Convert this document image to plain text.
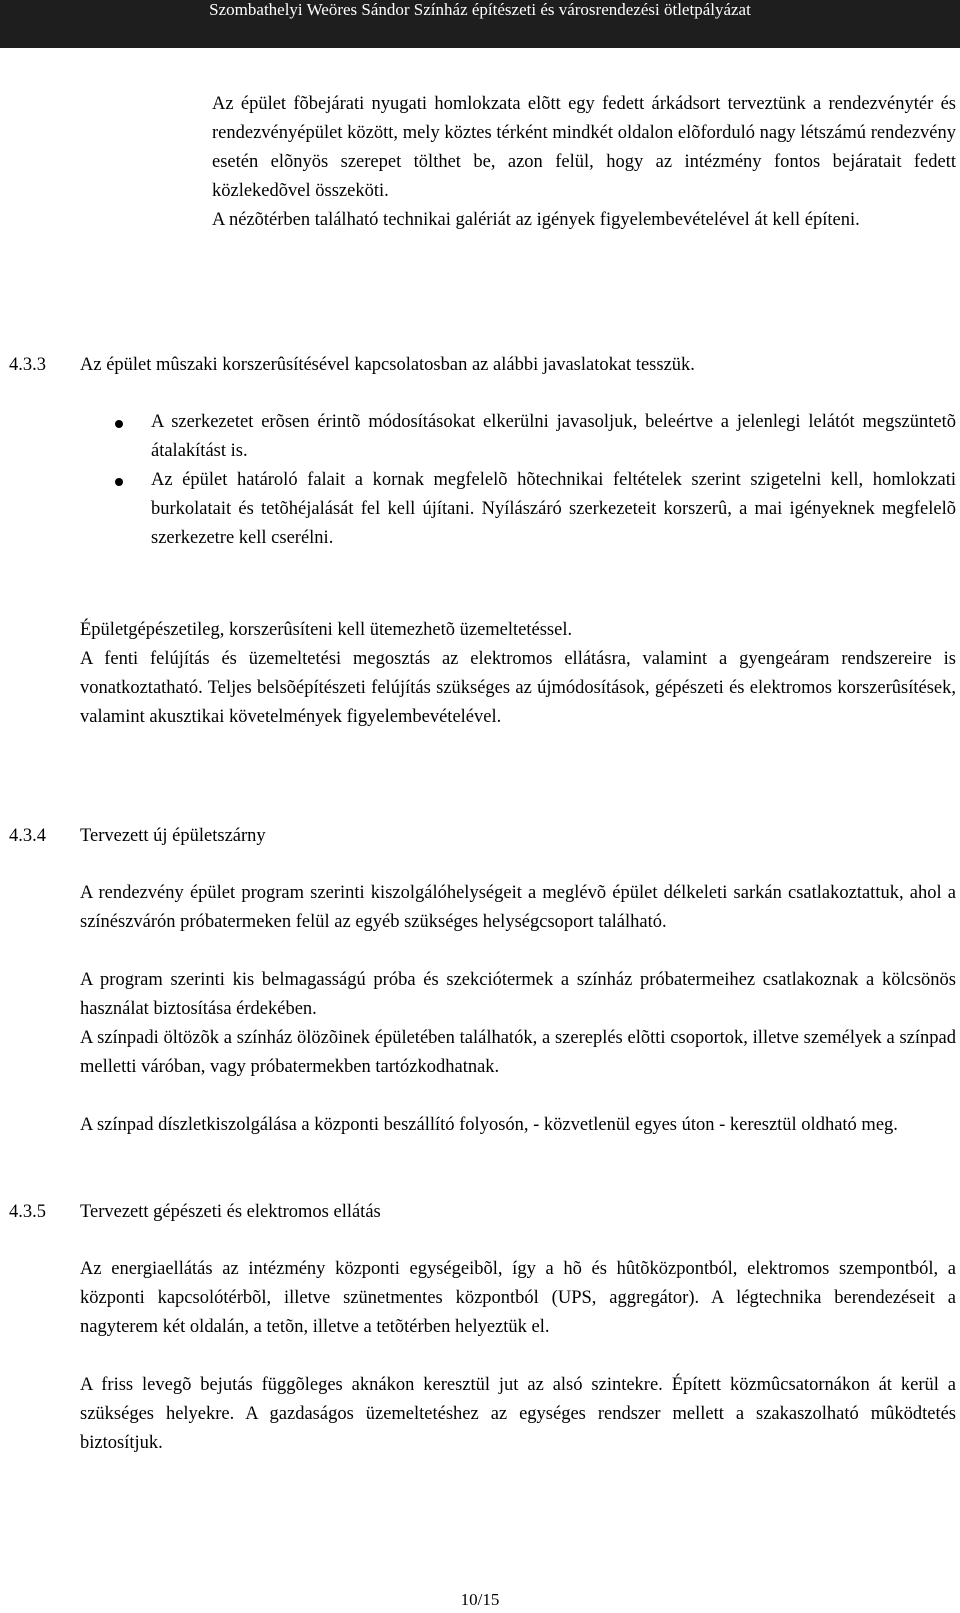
Szombathelyi Weöres Sándor Színház építészeti és városrendezési ötletpályázat

Az épület fõbejárati nyugati homlokzata elõtt egy fedett árkádsort terveztünk a rendezvénytér és rendezvényépület között, mely köztes térként mindkét oldalon elõforduló nagy létszámú rendezvény esetén elõnyös szerepet tölthet be, azon felül, hogy az intézmény fontos bejáratait fedett közlekedõvel összeköti.

A nézõtérben található technikai galériát az igények figyelembevételével át kell építeni.

4.3.3 Az épület mûszaki korszerûsítésével kapcsolatosban az alábbi javaslatokat tesszük.
A szerkezetet erõsen érintõ módosításokat elkerülni javasoljuk, beleértve a jelenlegi lelátót megszüntetõ átalakítást is.
Az épület határoló falait a kornak megfelelõ hõtechnikai feltételek szerint szigetelni kell, homlokzati burkolatait és tetõhéjalását fel kell újítani. Nyílászáró szerkezeteit korszerû, a mai igényeknek megfelelõ szerkezetre kell cserélni.

Épületgépészetileg, korszerûsíteni kell ütemezhetõ üzemeltetéssel.

A fenti felújítás és üzemeltetési megosztás az elektromos ellátásra, valamint a gyengeáram rendszereire is vonatkoztatható. Teljes belsõépítészeti felújítás szükséges az újmódosítások, gépészeti és elektromos korszerûsítések, valamint akusztikai követelmények figyelembevételével.

4.3.4 Tervezett új épületszárny

A rendezvény épület program szerinti kiszolgálóhelységeit a meglévõ épület délkeleti sarkán csatlakoztattuk, ahol a színészvárón próbatermeken felül az egyéb szükséges helységcsoport található.

A program szerinti kis belmagasságú próba és szekciótermek a színház próbatermeihez csatlakoznak a kölcsönös használat biztosítása érdekében.

A színpadi öltözõk a színház ölözõinek épületében találhatók, a szereplés elõtti csoportok, illetve személyek a színpad melletti váróban, vagy próbatermekben tartózkodhatnak.

A színpad díszletkiszolgálása a központi beszállító folyosón, - közvetlenül egyes úton - keresztül oldható meg.

4.3.5 Tervezett gépészeti és elektromos ellátás

Az energiaellátás az intézmény központi egységeibõl, így a hõ és hûtõközpontból, elektromos szempontból, a központi kapcsolótérbõl, illetve szünetmentes központból (UPS, aggregátor). A légtechnika berendezéseit a nagyterem két oldalán, a tetõn, illetve a tetõtérben helyeztük el.

A friss levegõ bejutás függõleges aknákon keresztül jut az alsó szintekre. Épített közmûcsatornákon át kerül a szükséges helyekre. A gazdaságos üzemeltetéshez az egységes rendszer mellett a szakaszolható mûködtetés biztosítjuk.

10/15
